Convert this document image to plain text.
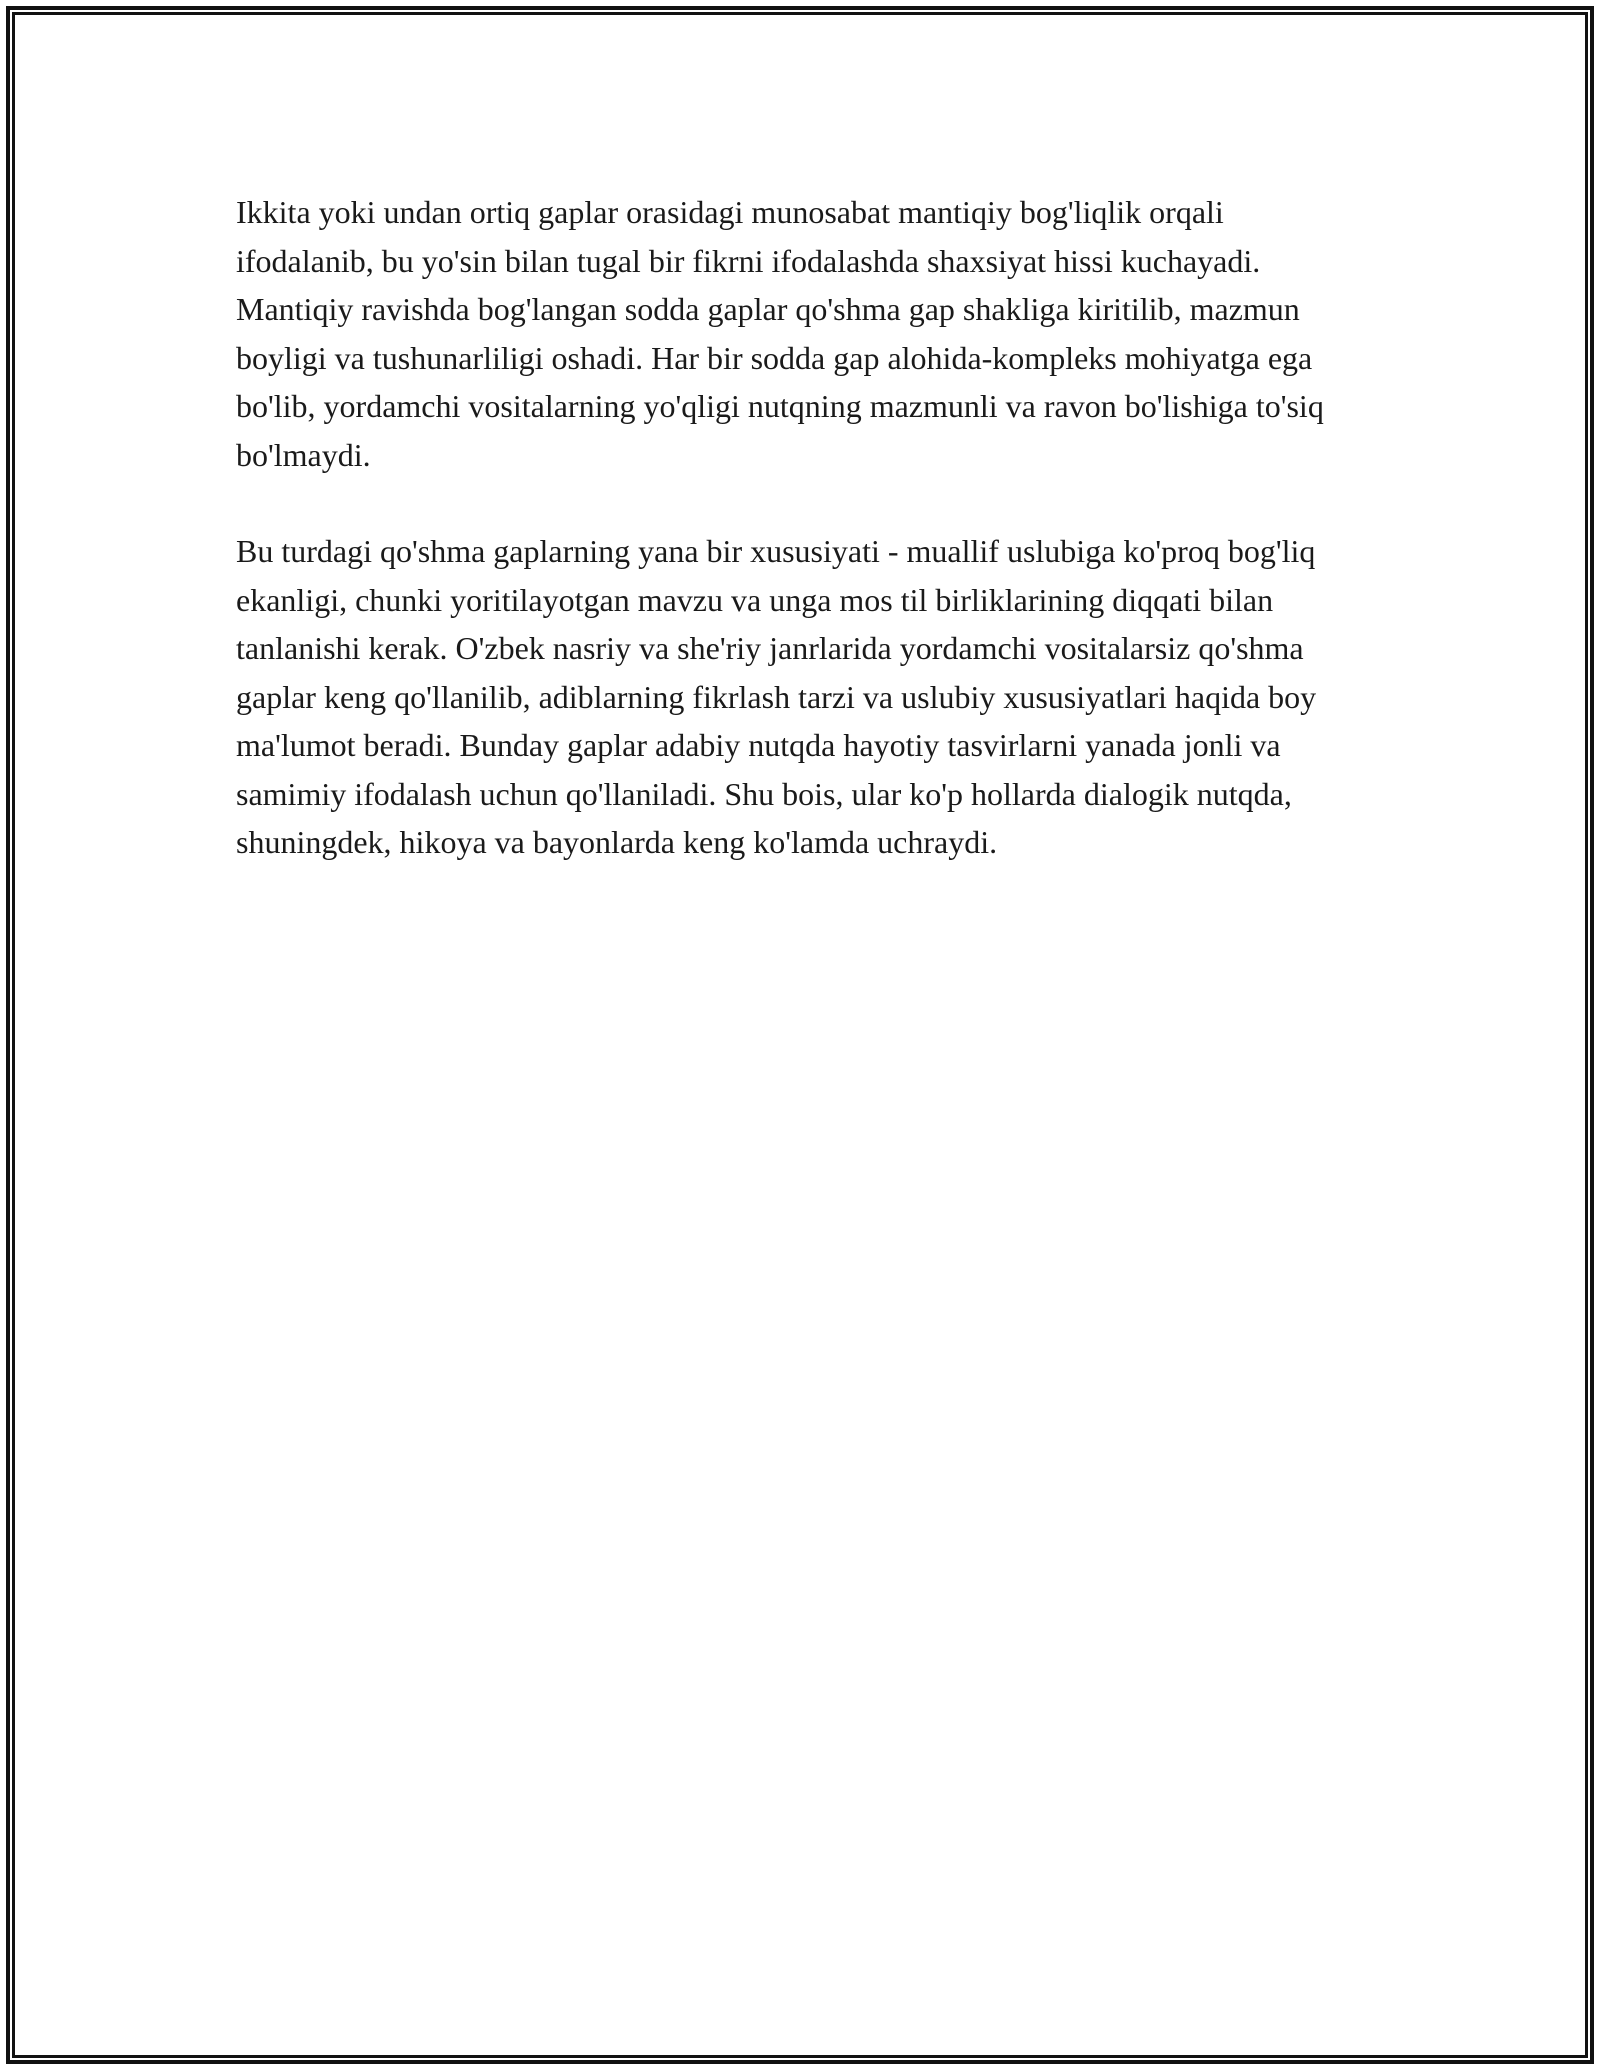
Ikkita yoki undan ortiq gaplar orasidagi munosabat mantiqiy bog'liqlik orqali ifodalanib, bu yo'sin bilan tugal bir fikrni ifodalashda shaxsiyat hissi kuchayadi. Mantiqiy ravishda bog'langan sodda gaplar qo'shma gap shakliga kiritilib, mazmun boyligi va tushunarliligi oshadi. Har bir sodda gap alohida-kompleks mohiyatga ega bo'lib, yordamchi vositalarning yo'qligi nutqning mazmunli va ravon bo'lishiga to'siq bo'lmaydi.

Bu turdagi qo'shma gaplarning yana bir xususiyati - muallif uslubiga ko'proq bog'liq ekanligi, chunki yoritilayotgan mavzu va unga mos til birliklarining diqqati bilan tanlanishi kerak. O'zbek nasriy va she'riy janrlarida yordamchi vositalarsiz qo'shma gaplar keng qo'llanilib, adiblarning fikrlash tarzi va uslubiy xususiyatlari haqida boy ma'lumot beradi. Bunday gaplar adabiy nutqda hayotiy tasvirlarni yanada jonli va samimiy ifodalash uchun qo'llaniladi. Shu bois, ular ko'p hollarda dialogik nutqda, shuningdek, hikoya va bayonlarda keng ko'lamda uchraydi.
